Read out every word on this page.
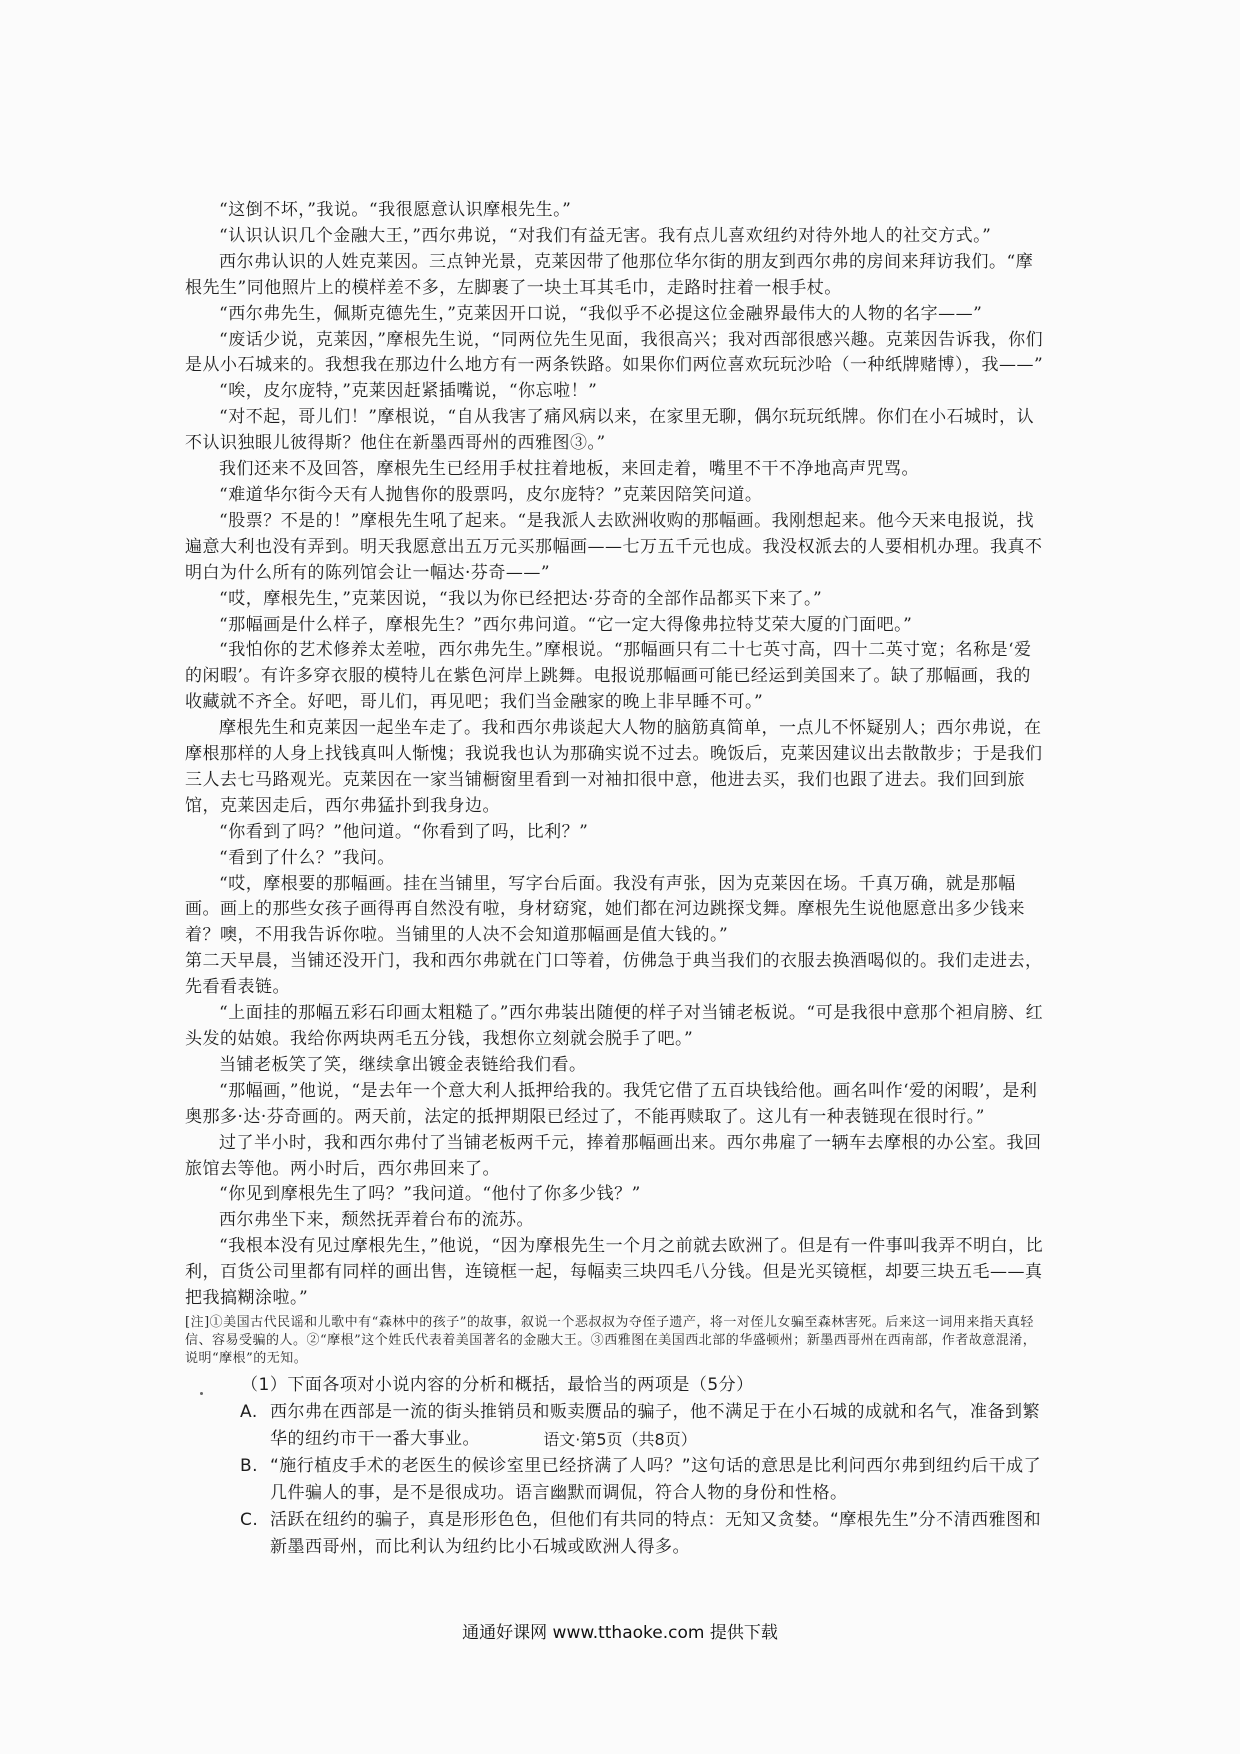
“这倒不坏，”我说。“我很愿意认识摩根先生。”

“认识认识几个金融大王，”西尔弗说，“对我们有益无害。我有点儿喜欢纽约对待外地人的社交方式。”

西尔弗认识的人姓克莱因。三点钟光景，克莱因带了他那位华尔街的朋友到西尔弗的房间来拜访我们。“摩根先生”同他照片上的模样差不多，左脚裹了一块土耳其毛巾，走路时拄着一根手杖。

“西尔弗先生，佩斯克德先生，”克莱因开口说，“我似乎不必提这位金融界最伟大的人物的名字——”

“废话少说，克莱因，”摩根先生说，“同两位先生见面，我很高兴；我对西部很感兴趣。克莱因告诉我，你们是从小石城来的。我想我在那边什么地方有一两条铁路。如果你们两位喜欢玩玩沙哈（一种纸牌赌博），我——”

“唉，皮尔庞特，”克莱因赶紧插嘴说，“你忘啦！”

“对不起，哥儿们！”摩根说，“自从我害了痛风病以来，在家里无聊，偶尔玩玩纸牌。你们在小石城时，认不认识独眼儿彼得斯？他住在新墨西哥州的西雅图③。”

我们还来不及回答，摩根先生已经用手杖拄着地板，来回走着，嘴里不干不净地高声咒骂。

“难道华尔街今天有人抛售你的股票吗，皮尔庞特？”克莱因陪笑问道。

“股票？不是的！”摩根先生吼了起来。“是我派人去欧洲收购的那幅画。我刚想起来。他今天来电报说，找遍意大利也没有弄到。明天我愿意出五万元买那幅画——七万五千元也成。我没权派去的人要相机办理。我真不明白为什么所有的陈列馆会让一幅达·芬奇——”

“哎，摩根先生，”克莱因说，“我以为你已经把达·芬奇的全部作品都买下来了。”

“那幅画是什么样子，摩根先生？”西尔弗问道。“它一定大得像弗拉特艾荣大厦的门面吧。”

“我怕你的艺术修养太差啦，西尔弗先生。”摩根说。“那幅画只有二十七英寸高，四十二英寸宽；名称是‘爱的闲暇’。有许多穿衣服的模特儿在紫色河岸上跳舞。电报说那幅画可能已经运到美国来了。缺了那幅画，我的收藏就不齐全。好吧，哥儿们，再见吧；我们当金融家的晚上非早睡不可。”

摩根先生和克莱因一起坐车走了。我和西尔弗谈起大人物的脑筋真简单，一点儿不怀疑别人；西尔弗说，在摩根那样的人身上找钱真叫人惭愧；我说我也认为那确实说不过去。晚饭后，克莱因建议出去散散步；于是我们三人去七马路观光。克莱因在一家当铺橱窗里看到一对袖扣很中意，他进去买，我们也跟了进去。我们回到旅馆，克莱因走后，西尔弗猛扑到我身边。

“你看到了吗？”他问道。“你看到了吗，比利？”

“看到了什么？”我问。

“哎，摩根要的那幅画。挂在当铺里，写字台后面。我没有声张，因为克莱因在场。千真万确，就是那幅画。画上的那些女孩子画得再自然没有啦，身材窈窕，她们都在河边跳探戈舞。摩根先生说他愿意出多少钱来着？噢，不用我告诉你啦。当铺里的人决不会知道那幅画是值大钱的。”

第二天早晨，当铺还没开门，我和西尔弗就在门口等着，仿佛急于典当我们的衣服去换酒喝似的。我们走进去，先看看表链。

“上面挂的那幅五彩石印画太粗糙了。”西尔弗装出随便的样子对当铺老板说。“可是我很中意那个袒肩膀、红头发的姑娘。我给你两块两毛五分钱，我想你立刻就会脱手了吧。”

当铺老板笑了笑，继续拿出镀金表链给我们看。

“那幅画，”他说，“是去年一个意大利人抵押给我的。我凭它借了五百块钱给他。画名叫作‘爱的闲暇’，是利奥那多·达·芬奇画的。两天前，法定的抵押期限已经过了，不能再赎取了。这儿有一种表链现在很时行。”

过了半小时，我和西尔弗付了当铺老板两千元，捧着那幅画出来。西尔弗雇了一辆车去摩根的办公室。我回旅馆去等他。两小时后，西尔弗回来了。

“你见到摩根先生了吗？”我问道。“他付了你多少钱？”

西尔弗坐下来，颓然抚弄着台布的流苏。

“我根本没有见过摩根先生，”他说，“因为摩根先生一个月之前就去欧洲了。但是有一件事叫我弄不明白，比利，百货公司里都有同样的画出售，连镜框一起，每幅卖三块四毛八分钱。但是光买镜框，却要三块五毛——真把我搞糊涂啦。”

[注]①美国古代民谣和儿歌中有“森林中的孩子”的故事，叙说一个恶叔叔为夺侄子遗产，将一对侄儿女骗至森林害死。后来这一词用来指天真轻信、容易受骗的人。②“摩根”这个姓氏代表着美国著名的金融大王。③西雅图在美国西北部的华盛顿州；新墨西哥州在西南部，作者故意混淆，说明“摩根”的无知。

（1）下面各项对小说内容的分析和概括，最恰当的两项是（5分）

A. 西尔弗在西部是一流的街头推销员和贩卖赝品的骗子，他不满足于在小石城的成就和名气，准备到繁华的纽约市干一番大事业。
B. “施行植皮手术的老医生的候诊室里已经挤满了人吗？”这句话的意思是比利问西尔弗到纽约后干成了几件骗人的事，是不是很成功。语言幽默而调侃，符合人物的身份和性格。
C. 活跃在纽约的骗子，真是形形色色，但他们有共同的特点：无知又贪婪。“摩根先生”分不清西雅图和新墨西哥州，而比利认为纽约比小石城或欧洲人得多。
语文·第5页（共8页）
通通好课网 www.tthaoke.com 提供下载
